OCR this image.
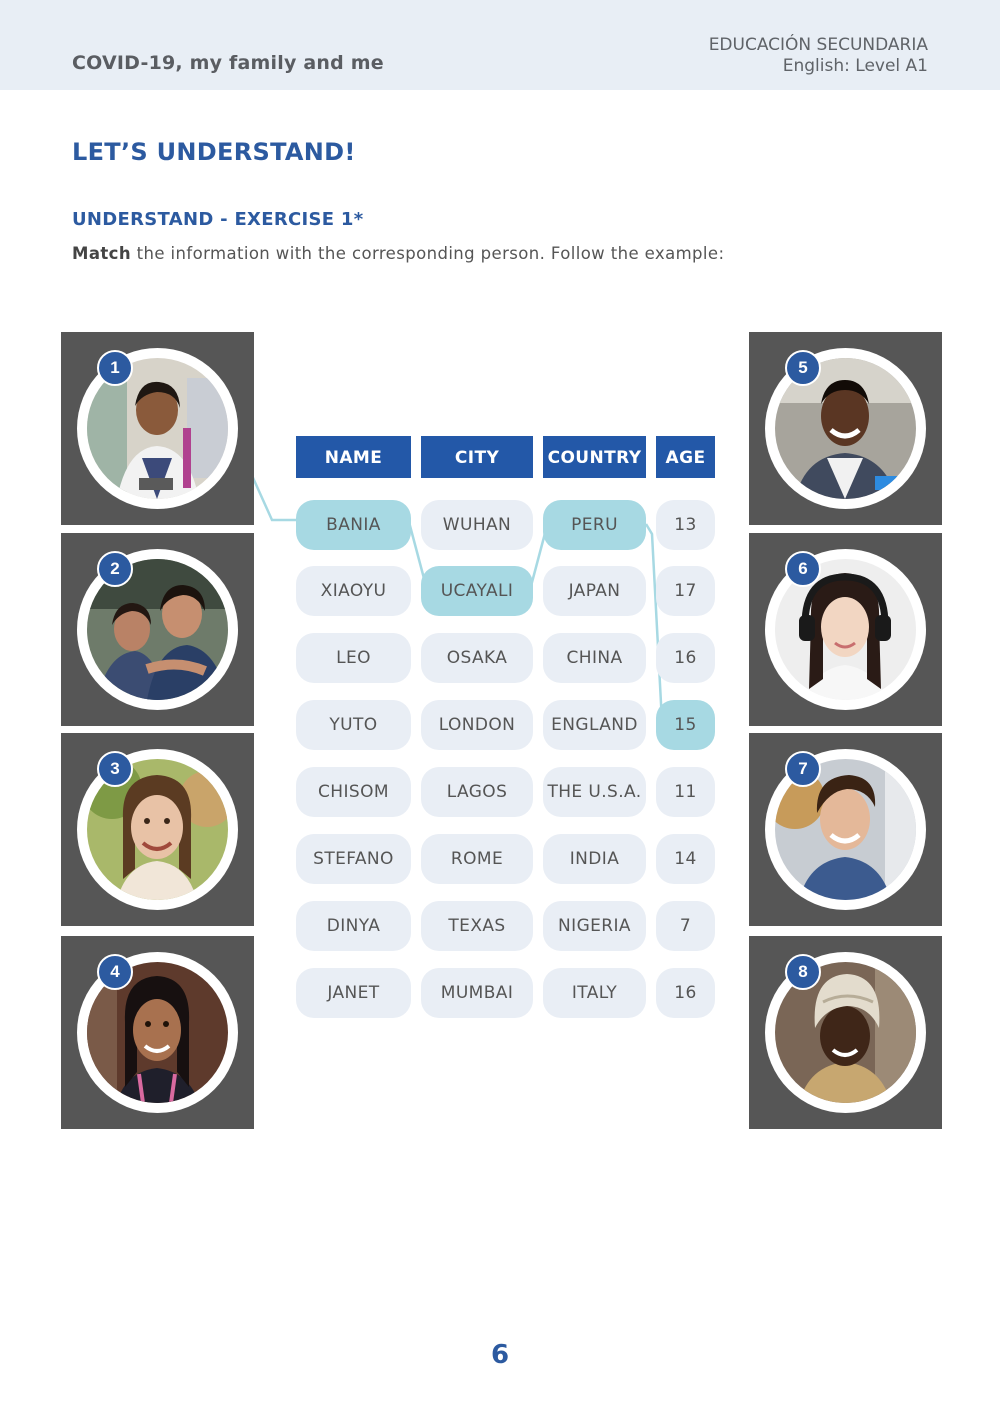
COVID-19, my family and me
EDUCACIÓN SECUNDARIA
English: Level A1
LET’S UNDERSTAND!
UNDERSTAND - EXERCISE 1*
Match the information with the corresponding person. Follow the example:
1
2
3
4
5
6
7
8
NAME	CITY	COUNTRY	AGE
BANIA	WUHAN	PERU	13
XIAOYU	UCAYALI	JAPAN	17
LEO	OSAKA	CHINA	16
YUTO	LONDON	ENGLAND	15
CHISOM	LAGOS	THE U.S.A.	11
STEFANO	ROME	INDIA	14
DINYA	TEXAS	NIGERIA	7
JANET	MUMBAI	ITALY	16
6
